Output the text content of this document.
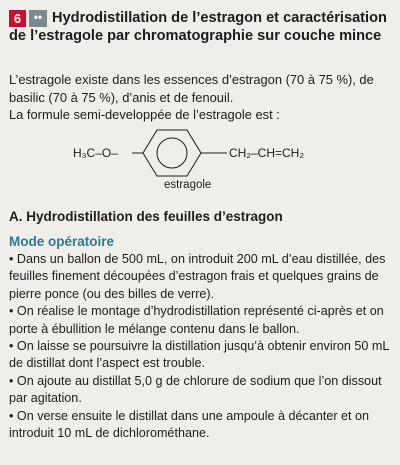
6	•• Hydrodistillation de l’estragon et caractérisation de l’estragole par chromatographie sur couche mince

L’estragole existe dans les essences d’estragon (70 à 75 %), de basilic (70 à 75 %), d’anis et de fenouil.

La formule semi-developpée de l’estragole est :

H₃C–O–	CH₂–CH=CH₂
estragole
A. Hydrodistillation des feuilles d’estragon
Mode opératoire

• Dans un ballon de 500 mL, on introduit 200 mL d’eau distillée, des feuilles finement découpées d’estragon frais et quelques grains de pierre ponce (ou des billes de verre).

• On réalise le montage d’hydrodistillation représenté ci-après et on porte à ébullition le mélange contenu dans le ballon.

• On laisse se poursuivre la distillation jusqu’à obtenir environ 50 mL de distillat dont l’aspect est trouble.

• On ajoute au distillat 5,0 g de chlorure de sodium que l’on dissout par agitation.

• On verse ensuite le distillat dans une ampoule à décanter et on introduit 10 mL de dichlorométhane.
